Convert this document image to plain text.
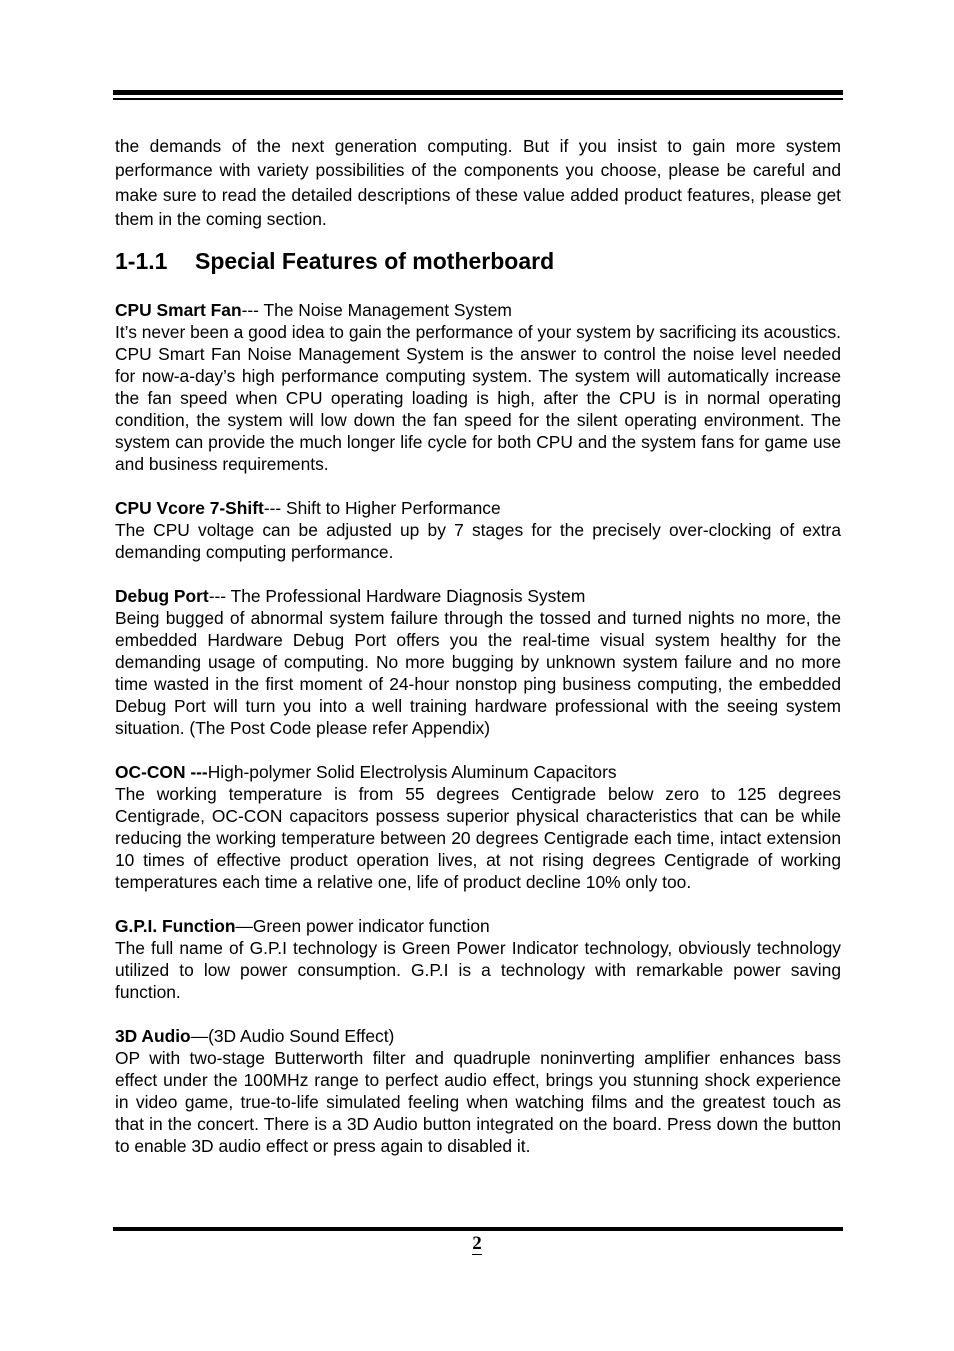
the demands of the next generation computing. But if you insist to gain more system performance with variety possibilities of the components you choose, please be careful and make sure to read the detailed descriptions of these value added product features, please get them in the coming section.

1-1.1 Special Features of motherboard

CPU Smart Fan--- The Noise Management System

It’s never been a good idea to gain the performance of your system by sacrificing its acoustics. CPU Smart Fan Noise Management System is the answer to control the noise level needed for now-a-day’s high performance computing system. The system will automatically increase the fan speed when CPU operating loading is high, after the CPU is in normal operating condition, the system will low down the fan speed for the silent operating environment. The system can provide the much longer life cycle for both CPU and the system fans for game use and business requirements.

CPU Vcore 7-Shift--- Shift to Higher Performance

The CPU voltage can be adjusted up by 7 stages for the precisely over-clocking of extra demanding computing performance.

Debug Port--- The Professional Hardware Diagnosis System

Being bugged of abnormal system failure through the tossed and turned nights no more, the embedded Hardware Debug Port offers you the real-time visual system healthy for the demanding usage of computing. No more bugging by unknown system failure and no more time wasted in the first moment of 24-hour nonstop ping business computing, the embedded Debug Port will turn you into a well training hardware professional with the seeing system situation. (The Post Code please refer Appendix)

OC-CON ---High-polymer Solid Electrolysis Aluminum Capacitors

The working temperature is from 55 degrees Centigrade below zero to 125 degrees Centigrade, OC-CON capacitors possess superior physical characteristics that can be while reducing the working temperature between 20 degrees Centigrade each time, intact extension 10 times of effective product operation lives, at not rising degrees Centigrade of working temperatures each time a relative one, life of product decline 10% only too.

G.P.I. Function—Green power indicator function

The full name of G.P.I technology is Green Power Indicator technology, obviously technology utilized to low power consumption. G.P.I is a technology with remarkable power saving function.

3D Audio—(3D Audio Sound Effect)

OP with two-stage Butterworth filter and quadruple noninverting amplifier enhances bass effect under the 100MHz range to perfect audio effect, brings you stunning shock experience in video game, true-to-life simulated feeling when watching films and the greatest touch as that in the concert. There is a 3D Audio button integrated on the board. Press down the button to enable 3D audio effect or press again to disabled it.

2
